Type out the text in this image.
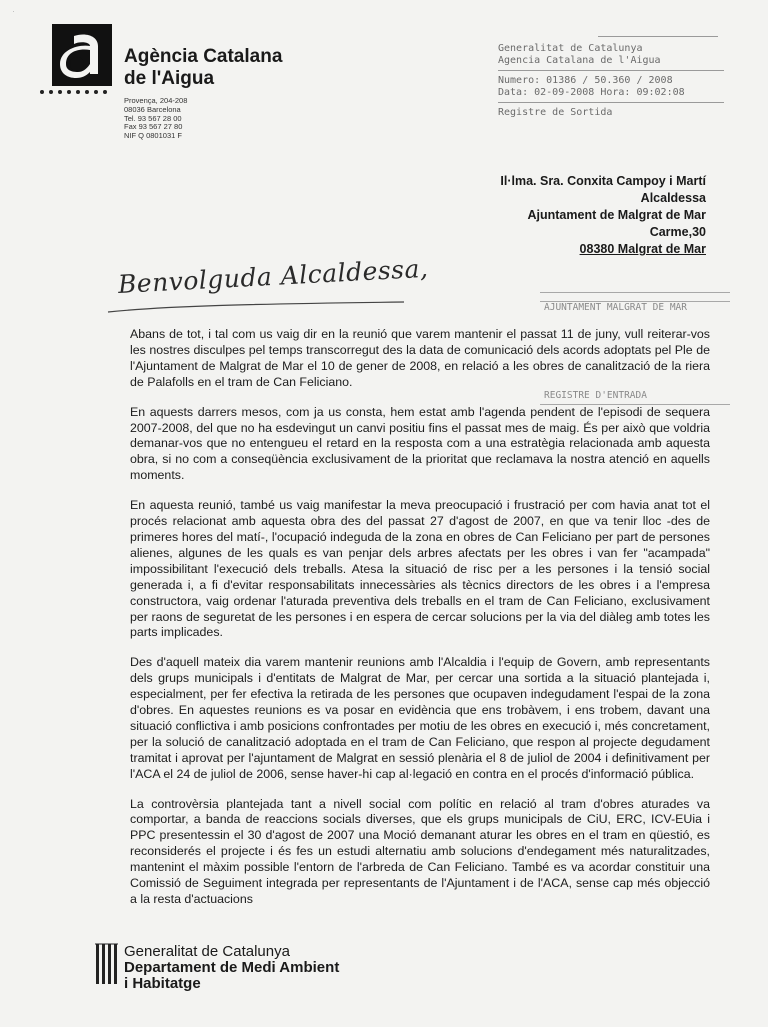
·
Agència Catalana
de l'Aigua
Provença, 204-208
08036 Barcelona
Tel. 93 567 28 00
Fax 93 567 27 80
NIF Q 0801031 F
Generalitat de Catalunya
Agencia Catalana de l'Aigua
Numero: 01386 / 50.360 / 2008
Data: 02-09-2008 Hora: 09:02:08
Registre de Sortida
Il·lma. Sra. Conxita Campoy i Martí
Alcaldessa
Ajuntament de Malgrat de Mar
Carme,30
08380 Malgrat de Mar
Benvolguda Alcaldessa,
AJUNTAMENT MALGRAT DE MAR
REGISTRE D'ENTRADA

Abans de tot, i tal com us vaig dir en la reunió que varem mantenir el passat 11 de juny, vull reiterar-vos les nostres disculpes pel temps transcorregut des la data de comunicació dels acords adoptats pel Ple de l'Ajuntament de Malgrat de Mar el 10 de gener de 2008, en relació a les obres de canalització de la riera de Palafolls en el tram de Can Feliciano.

En aquests darrers mesos, com ja us consta, hem estat amb l'agenda pendent de l'episodi de sequera 2007-2008, del que no ha esdevingut un canvi positiu fins el passat mes de maig. És per això que voldria demanar-vos que no entengueu el retard en la resposta com a una estratègia relacionada amb aquesta obra, si no com a conseqüència exclusivament de la prioritat que reclamava la nostra atenció en aquells moments.

En aquesta reunió, també us vaig manifestar la meva preocupació i frustració per com havia anat tot el procés relacionat amb aquesta obra des del passat 27 d'agost de 2007, en que va tenir lloc -des de primeres hores del matí-, l'ocupació indeguda de la zona en obres de Can Feliciano per part de persones alienes, algunes de les quals es van penjar dels arbres afectats per les obres i van fer "acampada" impossibilitant l'execució dels treballs. Atesa la situació de risc per a les persones i la tensió social generada i, a fi d'evitar responsabilitats innecessàries als tècnics directors de les obres i a l'empresa constructora, vaig ordenar l'aturada preventiva dels treballs en el tram de Can Feliciano, exclusivament per raons de seguretat de les persones i en espera de cercar solucions per la via del diàleg amb totes les parts implicades.

Des d'aquell mateix dia varem mantenir reunions amb l'Alcaldia i l'equip de Govern, amb representants dels grups municipals i d'entitats de Malgrat de Mar, per cercar una sortida a la situació plantejada i, especialment, per fer efectiva la retirada de les persones que ocupaven indegudament l'espai de la zona d'obres. En aquestes reunions es va posar en evidència que ens trobàvem, i ens trobem, davant una situació conflictiva i amb posicions confrontades per motiu de les obres en execució i, més concretament, per la solució de canalització adoptada en el tram de Can Feliciano, que respon al projecte degudament tramitat i aprovat per l'ajuntament de Malgrat en sessió plenària el 8 de juliol de 2004 i definitivament per l'ACA el 24 de juliol de 2006, sense haver-hi cap al·legació en contra en el procés d'informació pública.

La controvèrsia plantejada tant a nivell social com polític en relació al tram d'obres aturades va comportar, a banda de reaccions socials diverses, que els grups municipals de CiU, ERC, ICV-EUia i PPC presentessin el 30 d'agost de 2007 una Moció demanant aturar les obres en el tram en qüestió, es reconsiderés el projecte i és fes un estudi alternatiu amb solucions d'endegament més naturalitzades, mantenint el màxim possible l'entorn de l'arbreda de Can Feliciano. També es va acordar constituir una Comissió de Seguiment integrada per representants de l'Ajuntament i de l'ACA, sense cap més objecció a la resta d'actuacions

Generalitat de Catalunya
Departament de Medi Ambient
i Habitatge
